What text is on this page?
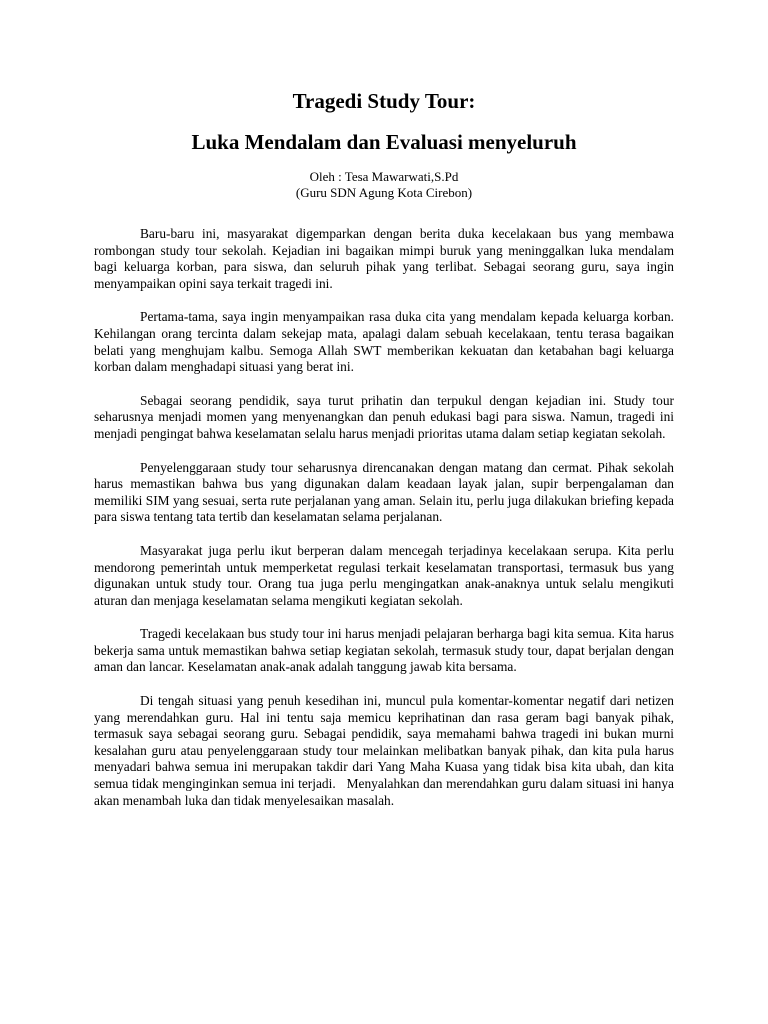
Tragedi Study Tour:
Luka Mendalam dan Evaluasi menyeluruh

Oleh : Tesa Mawarwati,S.Pd

(Guru SDN Agung Kota Cirebon)

Baru-baru ini, masyarakat digemparkan dengan berita duka kecelakaan bus yang membawa rombongan study tour sekolah. Kejadian ini bagaikan mimpi buruk yang meninggalkan luka mendalam bagi keluarga korban, para siswa, dan seluruh pihak yang terlibat. Sebagai seorang guru, saya ingin menyampaikan opini saya terkait tragedi ini.

Pertama-tama, saya ingin menyampaikan rasa duka cita yang mendalam kepada keluarga korban. Kehilangan orang tercinta dalam sekejap mata, apalagi dalam sebuah kecelakaan, tentu terasa bagaikan belati yang menghujam kalbu. Semoga Allah SWT memberikan kekuatan dan ketabahan bagi keluarga korban dalam menghadapi situasi yang berat ini.

Sebagai seorang pendidik, saya turut prihatin dan terpukul dengan kejadian ini. Study tour seharusnya menjadi momen yang menyenangkan dan penuh edukasi bagi para siswa. Namun, tragedi ini menjadi pengingat bahwa keselamatan selalu harus menjadi prioritas utama dalam setiap kegiatan sekolah.

Penyelenggaraan study tour seharusnya direncanakan dengan matang dan cermat. Pihak sekolah harus memastikan bahwa bus yang digunakan dalam keadaan layak jalan, supir berpengalaman dan memiliki SIM yang sesuai, serta rute perjalanan yang aman. Selain itu, perlu juga dilakukan briefing kepada para siswa tentang tata tertib dan keselamatan selama perjalanan.

Masyarakat juga perlu ikut berperan dalam mencegah terjadinya kecelakaan serupa. Kita perlu mendorong pemerintah untuk memperketat regulasi terkait keselamatan transportasi, termasuk bus yang digunakan untuk study tour. Orang tua juga perlu mengingatkan anak-anaknya untuk selalu mengikuti aturan dan menjaga keselamatan selama mengikuti kegiatan sekolah.

Tragedi kecelakaan bus study tour ini harus menjadi pelajaran berharga bagi kita semua. Kita harus bekerja sama untuk memastikan bahwa setiap kegiatan sekolah, termasuk study tour, dapat berjalan dengan aman dan lancar. Keselamatan anak-anak adalah tanggung jawab kita bersama.

Di tengah situasi yang penuh kesedihan ini, muncul pula komentar-komentar negatif dari netizen yang merendahkan guru. Hal ini tentu saja memicu keprihatinan dan rasa geram bagi banyak pihak, termasuk saya sebagai seorang guru. Sebagai pendidik, saya memahami bahwa tragedi ini bukan murni kesalahan guru atau penyelenggaraan study tour melainkan melibatkan banyak pihak, dan kita pula harus menyadari bahwa semua ini merupakan takdir dari Yang Maha Kuasa yang tidak bisa kita ubah, dan kita semua tidak menginginkan semua ini terjadi.   Menyalahkan dan merendahkan guru dalam situasi ini hanya akan menambah luka dan tidak menyelesaikan masalah.
